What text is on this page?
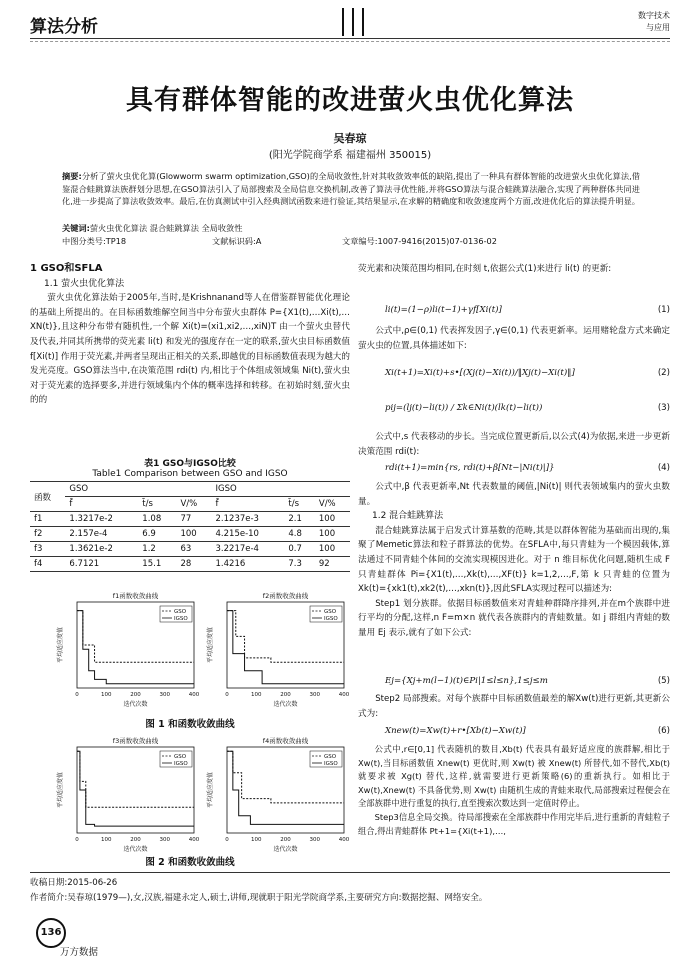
算法分析
数字技术
与应用
具有群体智能的改进萤火虫优化算法
吴春琼
(阳光学院商学系 福建福州 350015)
摘要:分析了萤火虫优化算(Glowworm swarm optimization,GSO)的全局收敛性,针对其收敛效率低的缺陷,提出了一种具有群体智能的改进萤火虫优化算法,借鉴混合蛙跳算法族群划分思想,在GSO算法引入了局部搜索及全局信息交换机制,改善了算法寻优性能,并将GSO算法与混合蛙跳算法融合,实现了两种群体共同进化,进一步提高了算法收敛效率。最后,在仿真测试中引入经典测试函数来进行验证,其结果显示,在求解的精确度和收敛速度两个方面,改进优化后的算法提升明显。
关键词:萤火虫优化算法 混合蛙跳算法 全局收敛性
中图分类号:TP18	文献标识码:A	文章编号:1007-9416(2015)07-0136-02
1 GSO和SFLA

1.1 萤火虫优化算法

萤火虫优化算法始于2005年,当时,是Krishnanand等人在借鉴群智能优化理论的基础上所提出的。在目标函数维解空间当中分布萤火虫群体 P={X1(t),…Xi(t),…XN(t)},且这种分布带有随机性,一个解 Xi(t)=(xi1,xi2,…,xiN)T 由一个萤火虫替代及代表,并同其所携带的荧光素 li(t) 和发光的强度存在一定的联系,萤火虫目标函数值 f[Xi(t)] 作用于荧光素,并两者呈现出正相关的关系,即越优的目标函数值表现为越大的发光亮度。GSO算法当中,在决策范围 rdi(t) 内,相比于个体组成领域集 Ni(t),萤火虫对于荧光素的选择要多,并进行领域集内个体的概率选择和转移。在初始时刻,萤火虫的的

表1 GSO与IGSO比较
Table1 Comparison between GSO and IGSO
函数	GSO			IGSO		
	f̄	t̄/s	V/%	f̄	t̄/s	V/%
f1	1.3217e-2	1.08	77	2.1237e-3	2.1	100
f2	2.157e-4	6.9	100	4.215e-10	4.8	100
f3	1.3621e-2	1.2	63	3.2217e-4	0.7	100
f4	6.7121	15.1	28	1.4216	7.3	92
f1函数收敛曲线
0	100	200	300	400
迭代次数
平均适应度值
GSO
IGSO
f2函数收敛曲线
0	100	200	300	400
迭代次数
平均适应度值
GSO
IGSO
图 1 和函数收敛曲线
f3函数收敛曲线
0	100	200	300	400
迭代次数
平均适应度值
GSO
IGSO
f4函数收敛曲线
0	100	200	300	400
迭代次数
平均适应度值
GSO
IGSO
图 2 和函数收敛曲线

荧光素和决策范围均相同,在时刻 t,依据公式(1)来进行 li(t) 的更新:

li(t)=(1−ρ)li(t−1)+γf[Xi(t)]	(1)

公式中,ρ∈(0,1) 代表挥发因子,γ∈(0,1) 代表更新率。运用赌轮盘方式来确定萤火虫的位置,具体描述如下:

Xi(t+1)=Xi(t)+s•[(Xj(t)−Xi(t))/‖Xj(t)−Xi(t)‖]	(2)
pij=(lj(t)−li(t)) / Σk∈Ni(t)(lk(t)−li(t))	(3)

公式中,s 代表移动的步长。当完成位置更新后,以公式(4)为依据,来进一步更新决策范围 rdi(t):

rdi(t+1)=min{rs, rdi(t)+β[Nt−|Ni(t)|]}	(4)

公式中,β 代表更新率,Nt 代表数量的阈值,|Ni(t)| 则代表领域集内的萤火虫数量。

1.2 混合蛙跳算法

混合蛙跳算法属于启发式计算基数的范畴,其是以群体智能为基础而出现的,集聚了Memetic算法和粒子群算法的优势。在SFLA中,每只青蛙为一个模因载体,算法通过不同青蛙个体间的交流实现模因进化。对于 n 维目标优化问题,随机生成 F 只青蛙群体 Pi={X1(t),…,Xk(t),…,XF(t)} k=1,2,…,F,第 k 只青蛙的位置为 Xk(t)={xk1(t),xk2(t),…,xkn(t)},因此SFLA实现过程可以描述为:

Step1 划分族群。依据目标函数值来对青蛙种群降序排列,并在m个族群中进行平均的分配,这样,n F=m×n 就代表各族群内的青蛙数量。如 j 群组内青蛙的数量用 Ej 表示,就有了如下公式:

Ej={Xj+m(l−1)(t)∈Pi|1≤l≤n},1≤j≤m	(5)

Step2 局部搜索。对每个族群中目标函数值最差的解Xw(t)进行更新,其更新公式为:

Xnew(t)=Xw(t)+r•[Xb(t)−Xw(t)]	(6)

公式中,r∈[0,1] 代表随机的数目,Xb(t) 代表具有最好适应度的族群解,相比于 Xw(t),当目标函数值 Xnew(t) 更优时,则 Xw(t) 被 Xnew(t) 所替代,如不替代,Xb(t) 就要求被 Xg(t) 替代,这样,就需要进行更新策略(6)的重新执行。如相比于 Xw(t),Xnew(t) 不具备优势,则 Xw(t) 由随机生成的青蛙来取代,局部搜索过程便会在全部族群中进行重复的执行,直至搜索次数达到一定值时停止。

Step3信息全局交换。待局部搜索在全部族群中作用完毕后,进行重新的青蛙粒子组合,得出青蛙群体 Pt+1={Xi(t+1),…,

收稿日期:2015-06-26
作者简介:吴春琼(1979—),女,汉族,福建永定人,硕士,讲师,现就职于阳光学院商学系,主要研究方向:数据挖掘、网络安全。
136
万方数据
